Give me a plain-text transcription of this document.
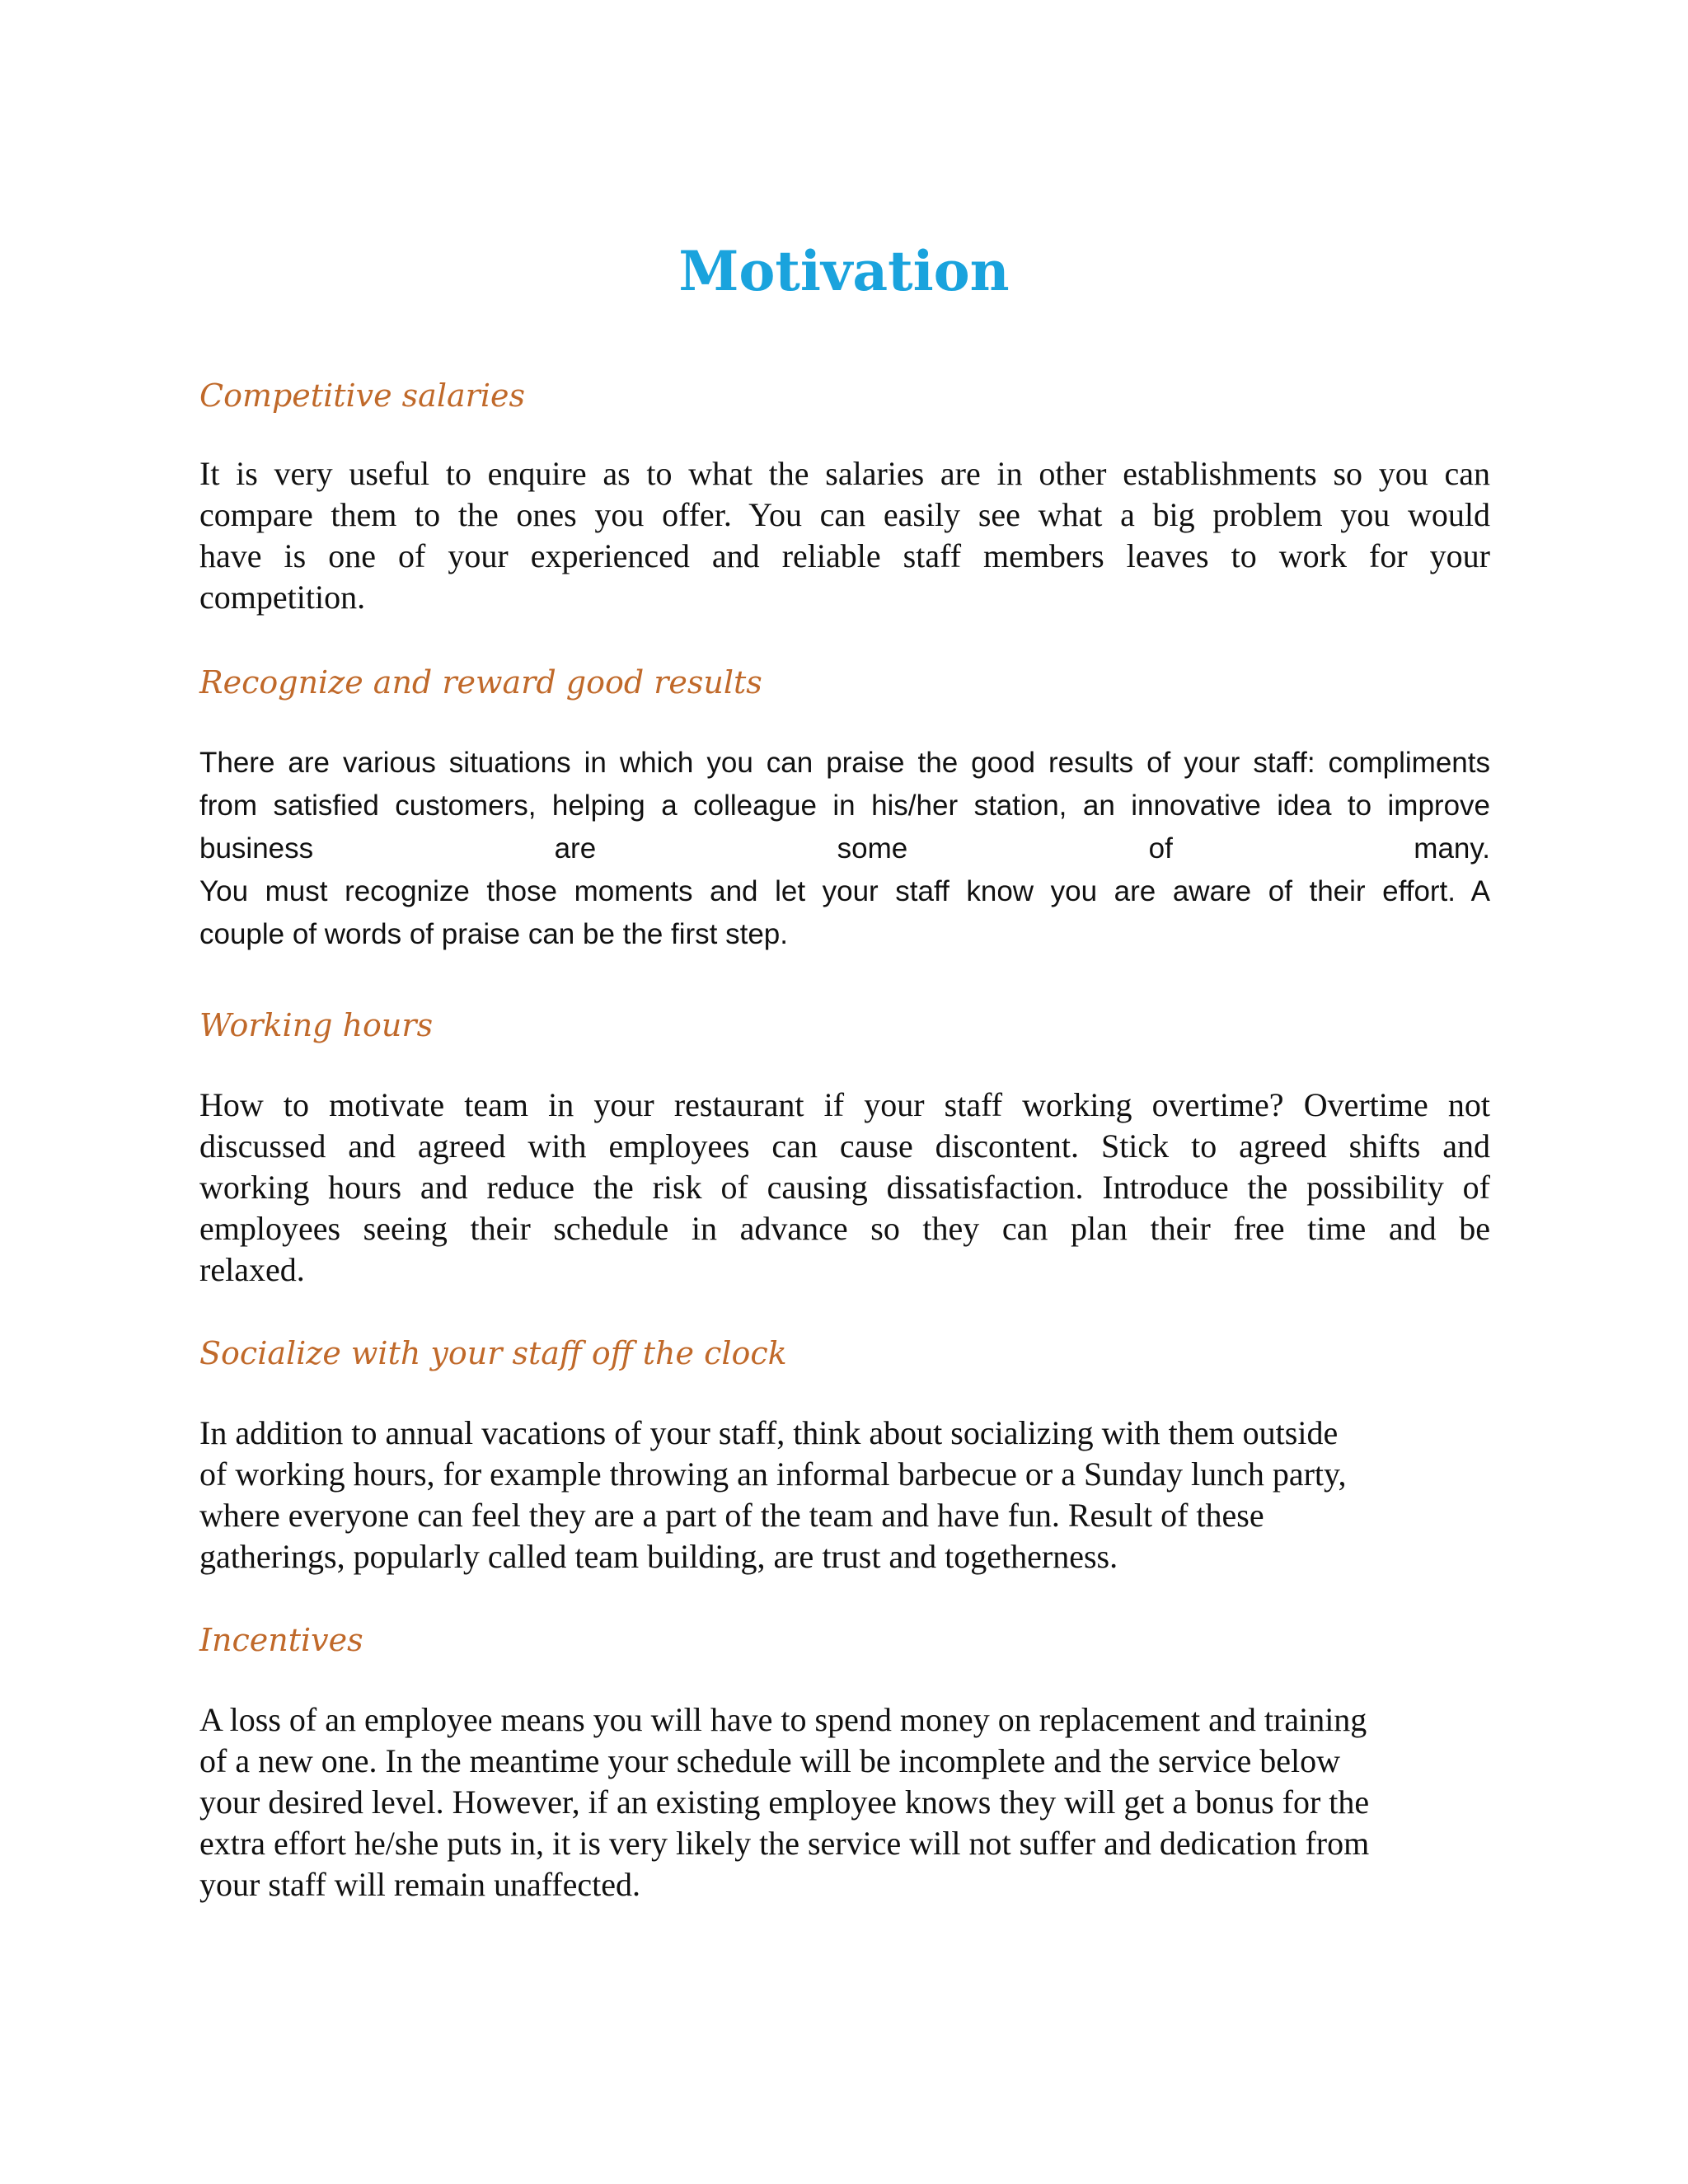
Motivation
Competitive salaries
It is very useful to enquire as to what the salaries are in other establishments so you can
compare them to the ones you offer. You can easily see what a big problem you would
have is one of your experienced and reliable staff members leaves to work for your
competition.
Recognize and reward good results
There are various situations in which you can praise the good results of your staff: compliments
from satisfied customers, helping a colleague in his/her station, an innovative idea to improve
business are some of many.
You must recognize those moments and let your staff know you are aware of their effort. A
couple of words of praise can be the first step.
Working hours
How to motivate team in your restaurant if your staff working overtime? Overtime not
discussed and agreed with employees can cause discontent. Stick to agreed shifts and
working hours and reduce the risk of causing dissatisfaction. Introduce the possibility of
employees seeing their schedule in advance so they can plan their free time and be
relaxed.
Socialize with your staff off the clock
In addition to annual vacations of your staff, think about socializing with them outside
of working hours, for example throwing an informal barbecue or a Sunday lunch party,
where everyone can feel they are a part of the team and have fun. Result of these
gatherings, popularly called team building, are trust and togetherness.
Incentives
A loss of an employee means you will have to spend money on replacement and training
of a new one. In the meantime your schedule will be incomplete and the service below
your desired level. However, if an existing employee knows they will get a bonus for the
extra effort he/she puts in, it is very likely the service will not suffer and dedication from
your staff will remain unaffected.
